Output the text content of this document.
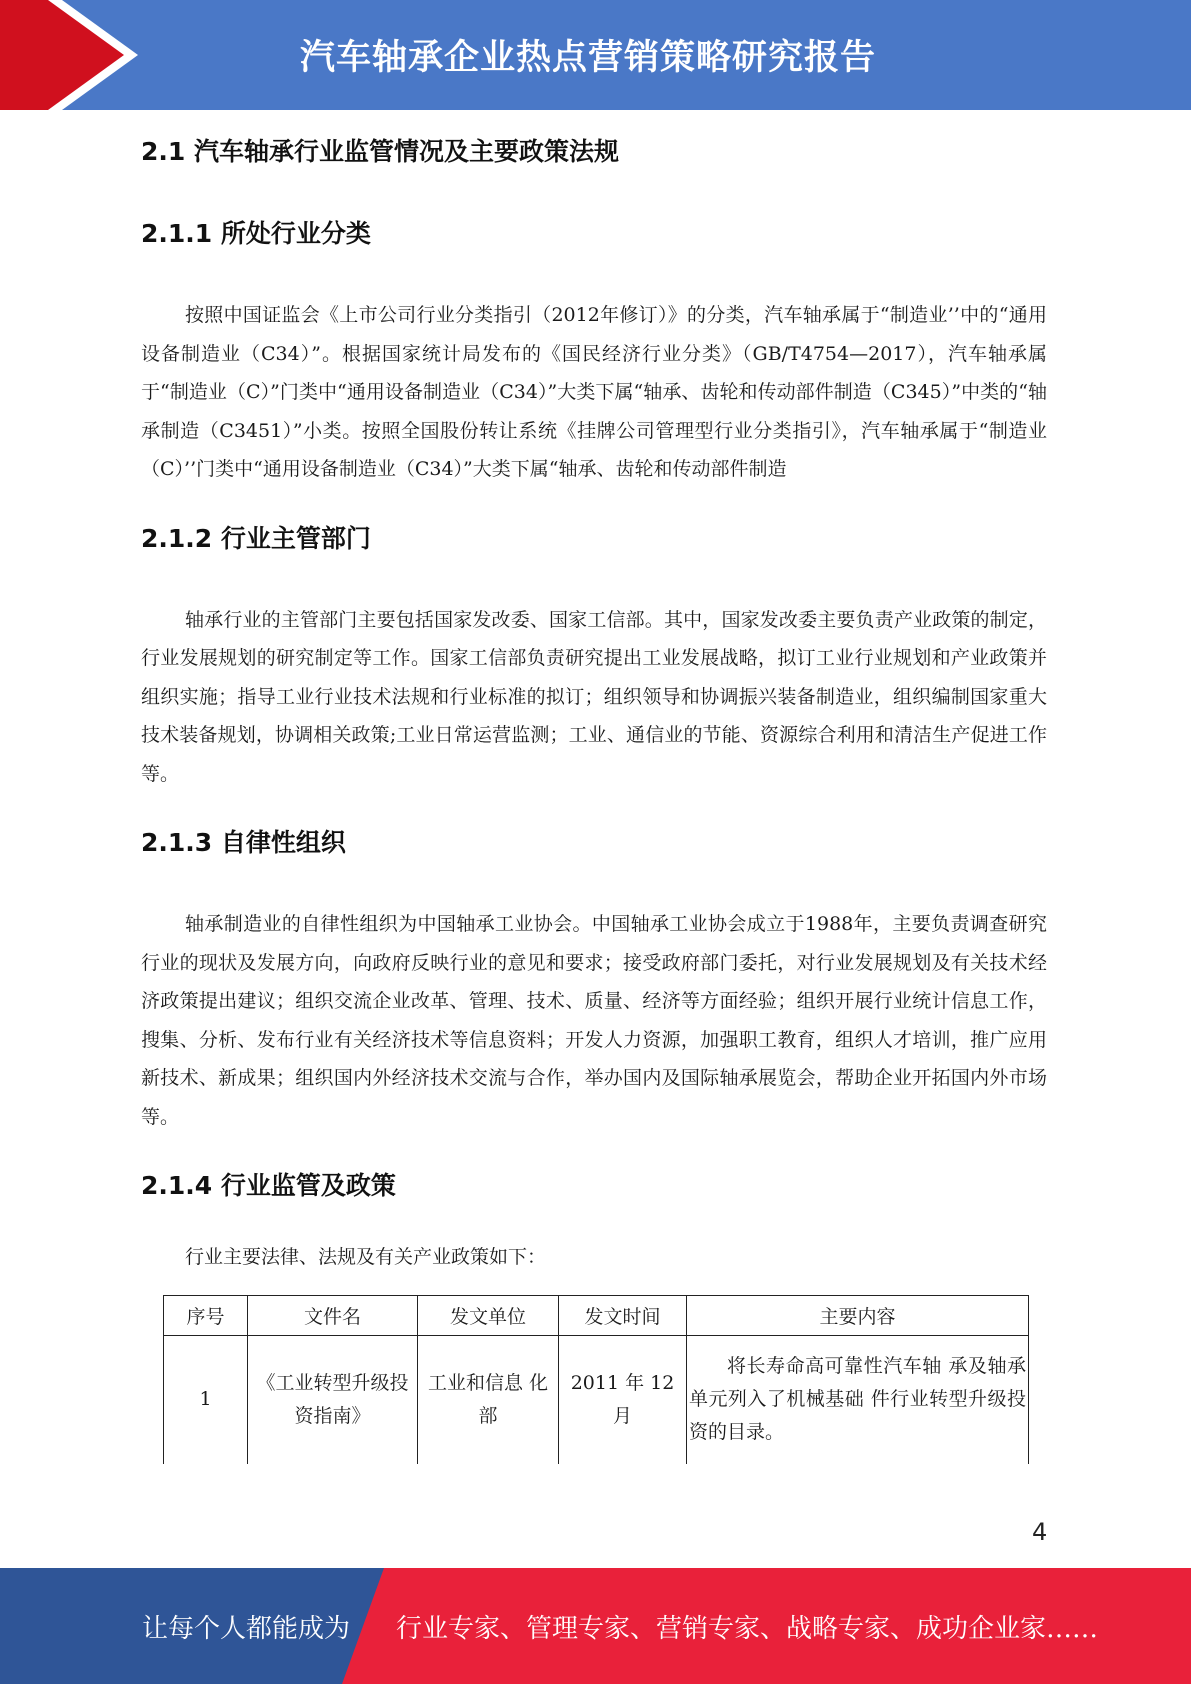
汽车轴承企业热点营销策略研究报告
2.1 汽车轴承行业监管情况及主要政策法规
2.1.1 所处行业分类

按照中国证监会《上市公司行业分类指引（2012年修订）》的分类，汽车轴承属于“制造业’’中的“通用设备制造业（C34）”。根据国家统计局发布的《国民经济行业分类》（GB/T4754—2017），汽车轴承属于“制造业（C）”门类中“通用设备制造业（C34）”大类下属“轴承、齿轮和传动部件制造（C345）”中类的“轴承制造（C3451）”小类。按照全国股份转让系统《挂牌公司管理型行业分类指引》，汽车轴承属于“制造业（C）’’门类中“通用设备制造业（C34）”大类下属“轴承、齿轮和传动部件制造

2.1.2 行业主管部门

轴承行业的主管部门主要包括国家发改委、国家工信部。其中，国家发改委主要负责产业政策的制定，行业发展规划的研究制定等工作。国家工信部负责研究提出工业发展战略，拟订工业行业规划和产业政策并组织实施；指导工业行业技术法规和行业标准的拟订；组织领导和协调振兴装备制造业，组织编制国家重大技术装备规划，协调相关政策;工业日常运营监测；工业、通信业的节能、资源综合利用和清洁生产促进工作等。

2.1.3 自律性组织

轴承制造业的自律性组织为中国轴承工业协会。中国轴承工业协会成立于1988年，主要负责调查研究行业的现状及发展方向，向政府反映行业的意见和要求；接受政府部门委托，对行业发展规划及有关技术经济政策提出建议；组织交流企业改革、管理、技术、质量、经济等方面经验；组织开展行业统计信息工作，搜集、分析、发布行业有关经济技术等信息资料；开发人力资源，加强职工教育，组织人才培训，推广应用新技术、新成果；组织国内外经济技术交流与合作，举办国内及国际轴承展览会，帮助企业开拓国内外市场等。

2.1.4 行业监管及政策

行业主要法律、法规及有关产业政策如下：

序号	文件名	发文单位	发文时间	主要内容
1	《工业转型升级投资指南》	工业和信息 化部	2011 年 12 月	将长寿命高可靠性汽车轴 承及轴承单元列入了机械基础 件行业转型升级投资的目录。
4
让每个人都能成为 行业专家、管理专家、营销专家、战略专家、成功企业家……
